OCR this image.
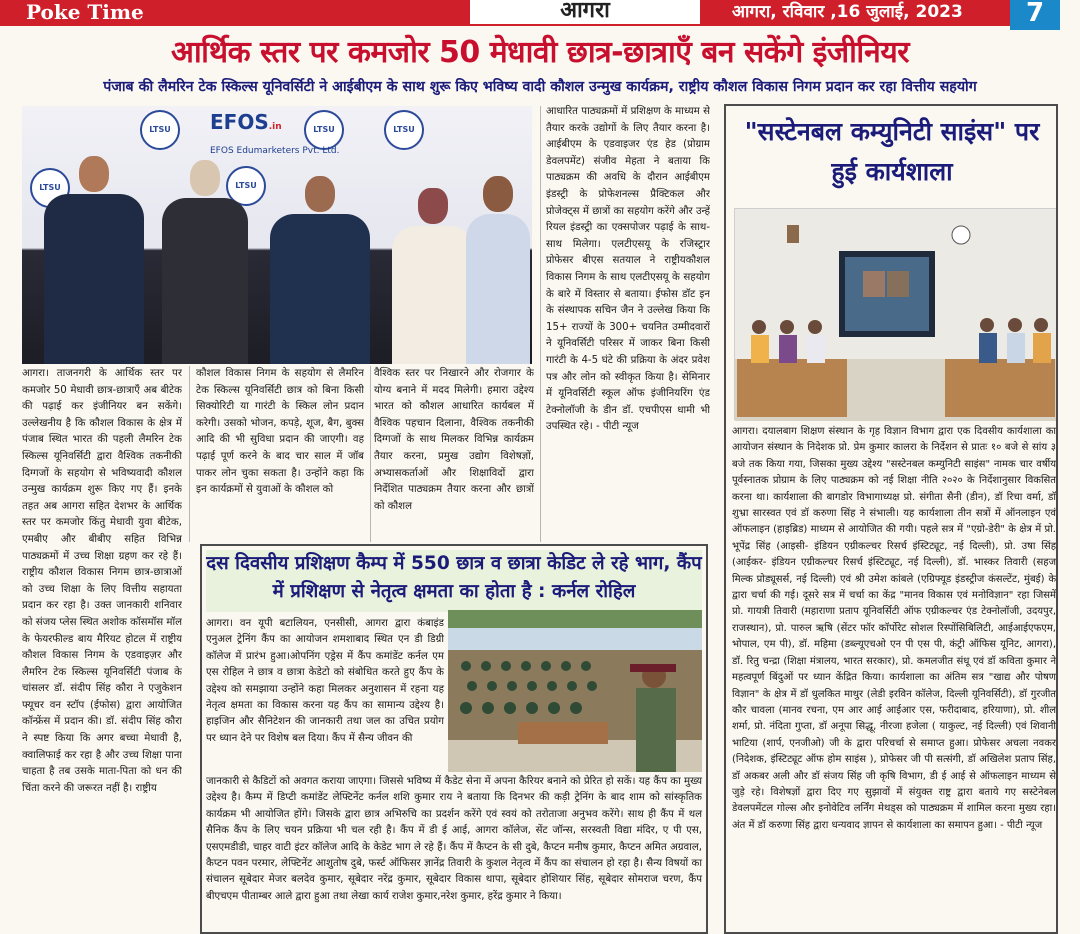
Poke Time	आगरा	आगरा, रविवार ,16 जुलाई, 2023	7
आर्थिक स्तर पर कमजोर 50 मेधावी छात्र-छात्राएँ बन सकेंगे इंजीनियर
पंजाब की लैमरिन टेक स्किल्स यूनिवर्सिटी ने आईबीएम के साथ शुरू किए भविष्य वादी कौशल उन्मुख कार्यक्रम, राष्ट्रीय कौशल विकास निगम प्रदान कर रहा वित्तीय सहयोग
LTSU
LTSU	LTSU	LTSU
LTSU
EFOS.in
EFOS Edumarketers Pvt. Ltd.

आगरा। ताजनगरी के आर्थिक स्तर पर कमजोर 50 मेधावी छात्र-छात्राएँ अब बीटेक की पढ़ाई कर इंजीनियर बन सकेंगे। उल्लेखनीय है कि कौशल विकास के क्षेत्र में पंजाब स्थित भारत की पहली लैमरिन टेक स्किल्स यूनिवर्सिटी द्वारा वैश्विक तकनीकी दिग्गजों के सहयोग से भविष्यवादी कौशल उन्मुख कार्यक्रम शुरू किए गए हैं। इनके तहत अब आगरा सहित देशभर के आर्थिक स्तर पर कमजोर किंतु मेधावी युवा बीटेक, एमबीए और बीबीए सहित विभिन्न पाठ्यक्रमों में उच्च शिक्षा ग्रहण कर रहे हैं। राष्ट्रीय कौशल विकास निगम छात्र-छात्राओं को उच्च शिक्षा के लिए वित्तीय सहायता प्रदान कर रहा है। उक्त जानकारी शनिवार को संजय प्लेस स्थित अशोक कॉसमॉस मॉल के फेयरफील्ड बाय मैरियट होटल में राष्ट्रीय कौशल विकास निगम के एडवाइज़र और लैमरिन टेक स्किल्स यूनिवर्सिटी पंजाब के चांसलर डॉ. संदीप सिंह कौरा ने एजुकेशन फ्यूचर वन स्टॉप (ईफोस) द्वारा आयोजित कॉन्फ्रेंस में प्रदान की। डॉ. संदीप सिंह कौरा ने स्पष्ट किया कि अगर बच्चा मेधावी है, क्वालिफाई कर रहा है और उच्च शिक्षा पाना चाहता है तब उसके माता-पिता को धन की चिंता करने की जरूरत नहीं है। राष्ट्रीय

कौशल विकास निगम के सहयोग से लैमरिन टेक स्किल्स यूनिवर्सिटी छात्र को बिना किसी सिक्योरिटी या गारंटी के स्किल लोन प्रदान करेगी। उसको भोजन, कपड़े, शूज, बैग, बुक्स आदि की भी सुविधा प्रदान की जाएगी। वह पढ़ाई पूर्ण करने के बाद चार साल में जॉब पाकर लोन चुका सकता है। उन्होंने कहा कि इन कार्यक्रमों से युवाओं के कौशल को

वैश्विक स्तर पर निखारने और रोजगार के योग्य बनाने में मदद मिलेगी। हमारा उद्देश्य भारत को कौशल आधारित कार्यबल में वैश्विक पहचान दिलाना, वैश्विक तकनीकी दिग्गजों के साथ मिलकर विभिन्न कार्यक्रम तैयार करना, प्रमुख उद्योग विशेषज्ञों, अभ्यासकर्ताओं और शिक्षाविदों द्वारा निर्देशित पाठ्यक्रम तैयार करना और छात्रों को कौशल

आधारित पाठ्यक्रमों में प्रशिक्षण के माध्यम से तैयार करके उद्योगों के लिए तैयार करना है। आईबीएम के एडवाइजर एंड हेड (प्रोग्राम डेवलपमेंट) संजीव मेहता ने बताया कि पाठ्यक्रम की अवधि के दौरान आईबीएम इंडस्ट्री के प्रोफेशनल्स प्रैक्टिकल और प्रोजेक्ट्स में छात्रों का सहयोग करेंगे और उन्हें रियल इंडस्ट्री का एक्सपोजर पढ़ाई के साथ-साथ मिलेगा। एलटीएसयू के रजिस्ट्रार प्रोफेसर बीएस सतयाल ने राष्ट्रीयकौशल विकास निगम के साथ एलटीएसयू के सहयोग के बारे में विस्तार से बताया। ईफोस डॉट इन के संस्थापक सचिन जैन ने उल्लेख किया कि 15+ राज्यों के 300+ चयनित उम्मीदवारों ने यूनिवर्सिटी परिसर में जाकर बिना किसी गारंटी के 4-5 घंटे की प्रक्रिया के अंदर प्रवेश पत्र और लोन को स्वीकृत किया है। सेमिनार में यूनिवर्सिटी स्कूल ऑफ इंजीनियरिंग एंड टेक्नोलॉजी के डीन डॉ. एचपीएस धामी भी उपस्थित रहे। - पीटी न्यूज

"सस्टेनबल कम्युनिटी साइंस" पर हुई कार्यशाला
आगरा। दयालबाग शिक्षण संस्थान के गृह विज्ञान विभाग द्वारा एक दिवसीय कार्यशाला का आयोजन संस्थान के निदेशक प्रो. प्रेम कुमार कालरा के निर्देशन से प्रातः १० बजे से सांय ३ बजे तक किया गया, जिसका मुख्य उद्देश्य "सस्टेनबल कम्युनिटी साइंस" नामक चार वर्षीय पूर्वस्नातक प्रोग्राम के लिए पाठ्यक्रम को नई शिक्षा नीति २०२० के निर्देशानुसार विकसित करना था। कार्यशाला की बागडोर विभागाध्यक्ष प्रो. संगीता सैनी (डीन), डॉ रिचा वर्मा, डॉ शुभ्रा सारस्वत एवं डॉ करुणा सिंह ने संभाली। यह कार्यशाला तीन सत्रों में ऑनलाइन एवं ऑफलाइन (हाइब्रिड) माध्यम से आयोजित की गयी। पहले सत्र में "एग्रो-डेरी" के क्षेत्र में प्रो. भूपेंद्र सिंह (आइसी- इंडियन एग्रीकल्चर रिसर्च इंस्टिट्यूट, नई दिल्ली), प्रो. उषा सिंह (आईकर- इंडियन एग्रीकल्चर रिसर्च इंस्टिट्यूट, नई दिल्ली), डॉ. भास्कर तिवारी (सहज मिल्क प्रोड्यूसर्स, नई दिल्ली) एवं श्री उमेश कांबले (एग्रिफ्यूड इंडस्ट्रीज कंसल्टेंट, मुंबई) के द्वारा चर्चा की गई। दूसरे सत्र में चर्चा का केंद्र "मानव विकास एवं मनोविज्ञान" रहा जिसमें प्रो. गायत्री तिवारी (महाराणा प्रताप यूनिवर्सिटी ऑफ एग्रीकल्चर एंड टेक्नोलॉजी, उदयपुर, राजस्थान), प्रो. पारुल ऋषि (सेंटर फॉर कॉर्पोरेट सोशल रिस्पोंसिबिलिटी, आईआईएफएम, भोपाल, एम पी), डॉ. महिमा (डब्ल्यूएचओ एन पी एस पी, कंट्री ऑफिस यूनिट, आगरा), डॉ. रितु चन्द्रा (शिक्षा मंत्रालय, भारत सरकार), प्रो. कमलजीत संधू एवं डॉ कविता कुमार ने महत्वपूर्ण बिंदुओं पर ध्यान केंद्रित किया। कार्यशाला का अंतिम सत्र "खाद्य और पोषण विज्ञान" के क्षेत्र में डॉ धुलकित माथुर (लेडी इरविन कॉलेज, दिल्ली यूनिवर्सिटी), डॉ गुरजीत कौर चावला (मानव रचना, एम आर आई आईआर एस, फरीदाबाद, हरियाणा), प्रो. शील शर्मा, प्रो. नंदिता गुप्ता, डॉ अनूपा सिद्धू, नीरजा हजेला ( याकुल्ट, नई दिल्ली) एवं शिवानी भाटिया (शार्प, एनजीओ) जी के द्वारा परिचर्चा से समाप्त हुआ। प्रोफेसर अचला नवकर (निदेशक, इंस्टिट्यूट ऑफ होम साइंस ), प्रोफेसर जी पी सत्संगी, डॉ अखिलेश प्रताप सिंह, डॉ अकबर अली और डॉ संजय सिंह जी कृषि विभाग, डी ई आई से ऑफलाइन माध्यम से जुड़े रहे। विशेषज्ञों द्वारा दिए गए सुझावों में संयुक्त राष्ट्र द्वारा बताये गए सस्टेनेबल डेवलपमेंटल गोल्स और इनोवेटिव लर्निंग मेथड्स को पाठ्यक्रम में शामिल करना मुख्य रहा। अंत में डॉ करुणा सिंह द्वारा धन्यवाद ज्ञापन से कार्यशाला का समापन हुआ। - पीटी न्यूज
दस दिवसीय प्रशिक्षण कैम्प में 550 छात्र व छात्रा केडिट ले रहे भाग, कैंप में प्रशिक्षण से नेतृत्व क्षमता का होता है : कर्नल रोहिल
आगरा। वन यूपी बटालियन, एनसीसी, आगरा द्वारा कंबाइंड एनुअल ट्रेनिंग कैंप का आयोजन शमशाबाद स्थित एन डी डिग्री कॉलेज में प्रारंभ हुआ।ओपनिंग एड्रेस में कैंप कमांडेंट कर्नल एम एस रोहिल ने छात्र व छात्रा केडेटो को संबोधित करते हुए कैंप के उद्देश्य को समझाया उन्होंने कहा मिलकर अनुशासन में रहना यह नेतृत्व क्षमता का विकास करना यह कैंप का सामान्य उद्देश्य है। हाइजिन और सैनिटेशन की जानकारी तथा जल का उचित प्रयोग पर ध्यान देने पर विशेष बल दिया। कैंप में सैन्य जीवन की
जानकारी से कैडिटों को अवगत कराया जाएगा। जिससे भविष्य में कैडेट सेना में अपना कैरियर बनाने को प्रेरित हो सकें। यह कैंप का मुख्य उद्देश्य है। कैम्प में डिप्टी कमांडेंट लेफ्टिनेंट कर्नल शशि कुमार राय ने बताया कि दिनभर की कड़ी ट्रेनिंग के बाद शाम को सांस्कृतिक कार्यक्रम भी आयोजित होंगे। जिसके द्वारा छात्र अभिरुचि का प्रदर्शन करेंगे एवं स्वयं को तरोताजा अनुभव करेंगे। साथ ही कैंप में थल सैनिक कैंप के लिए चयन प्रक्रिया भी चल रही है। कैंप में डी ई आई, आगरा कॉलेज, सेंट जॉन्स, सरस्वती विद्या मंदिर, ए पी एस, एसएमडीडी, चाहर वाटी इंटर कॉलेज आदि के केडेट भाग ले रहे हैं। कैंप में कैप्टन के सी दुबे, कैप्टन मनीष कुमार, कैप्टन अमित अग्रवाल, कैप्टन पवन परमार, लेफ्टिनेंट आशुतोष दुबे, फर्स्ट ऑफिसर ज्ञानेंद्र तिवारी के कुशल नेतृत्व में कैंप का संचालन हो रहा है। सैन्य विषयों का संचालन सूबेदार मेजर बलदेव कुमार, सूबेदार नरेंद्र कुमार, सूबेदार विकास थापा, सूबेदार होशियार सिंह, सूबेदार सोमराज चरण, कैंप बीएचएम पीताम्बर आले द्वारा हुआ तथा लेखा कार्य राजेश कुमार,नरेश कुमार, हरेंद्र कुमार ने किया।
